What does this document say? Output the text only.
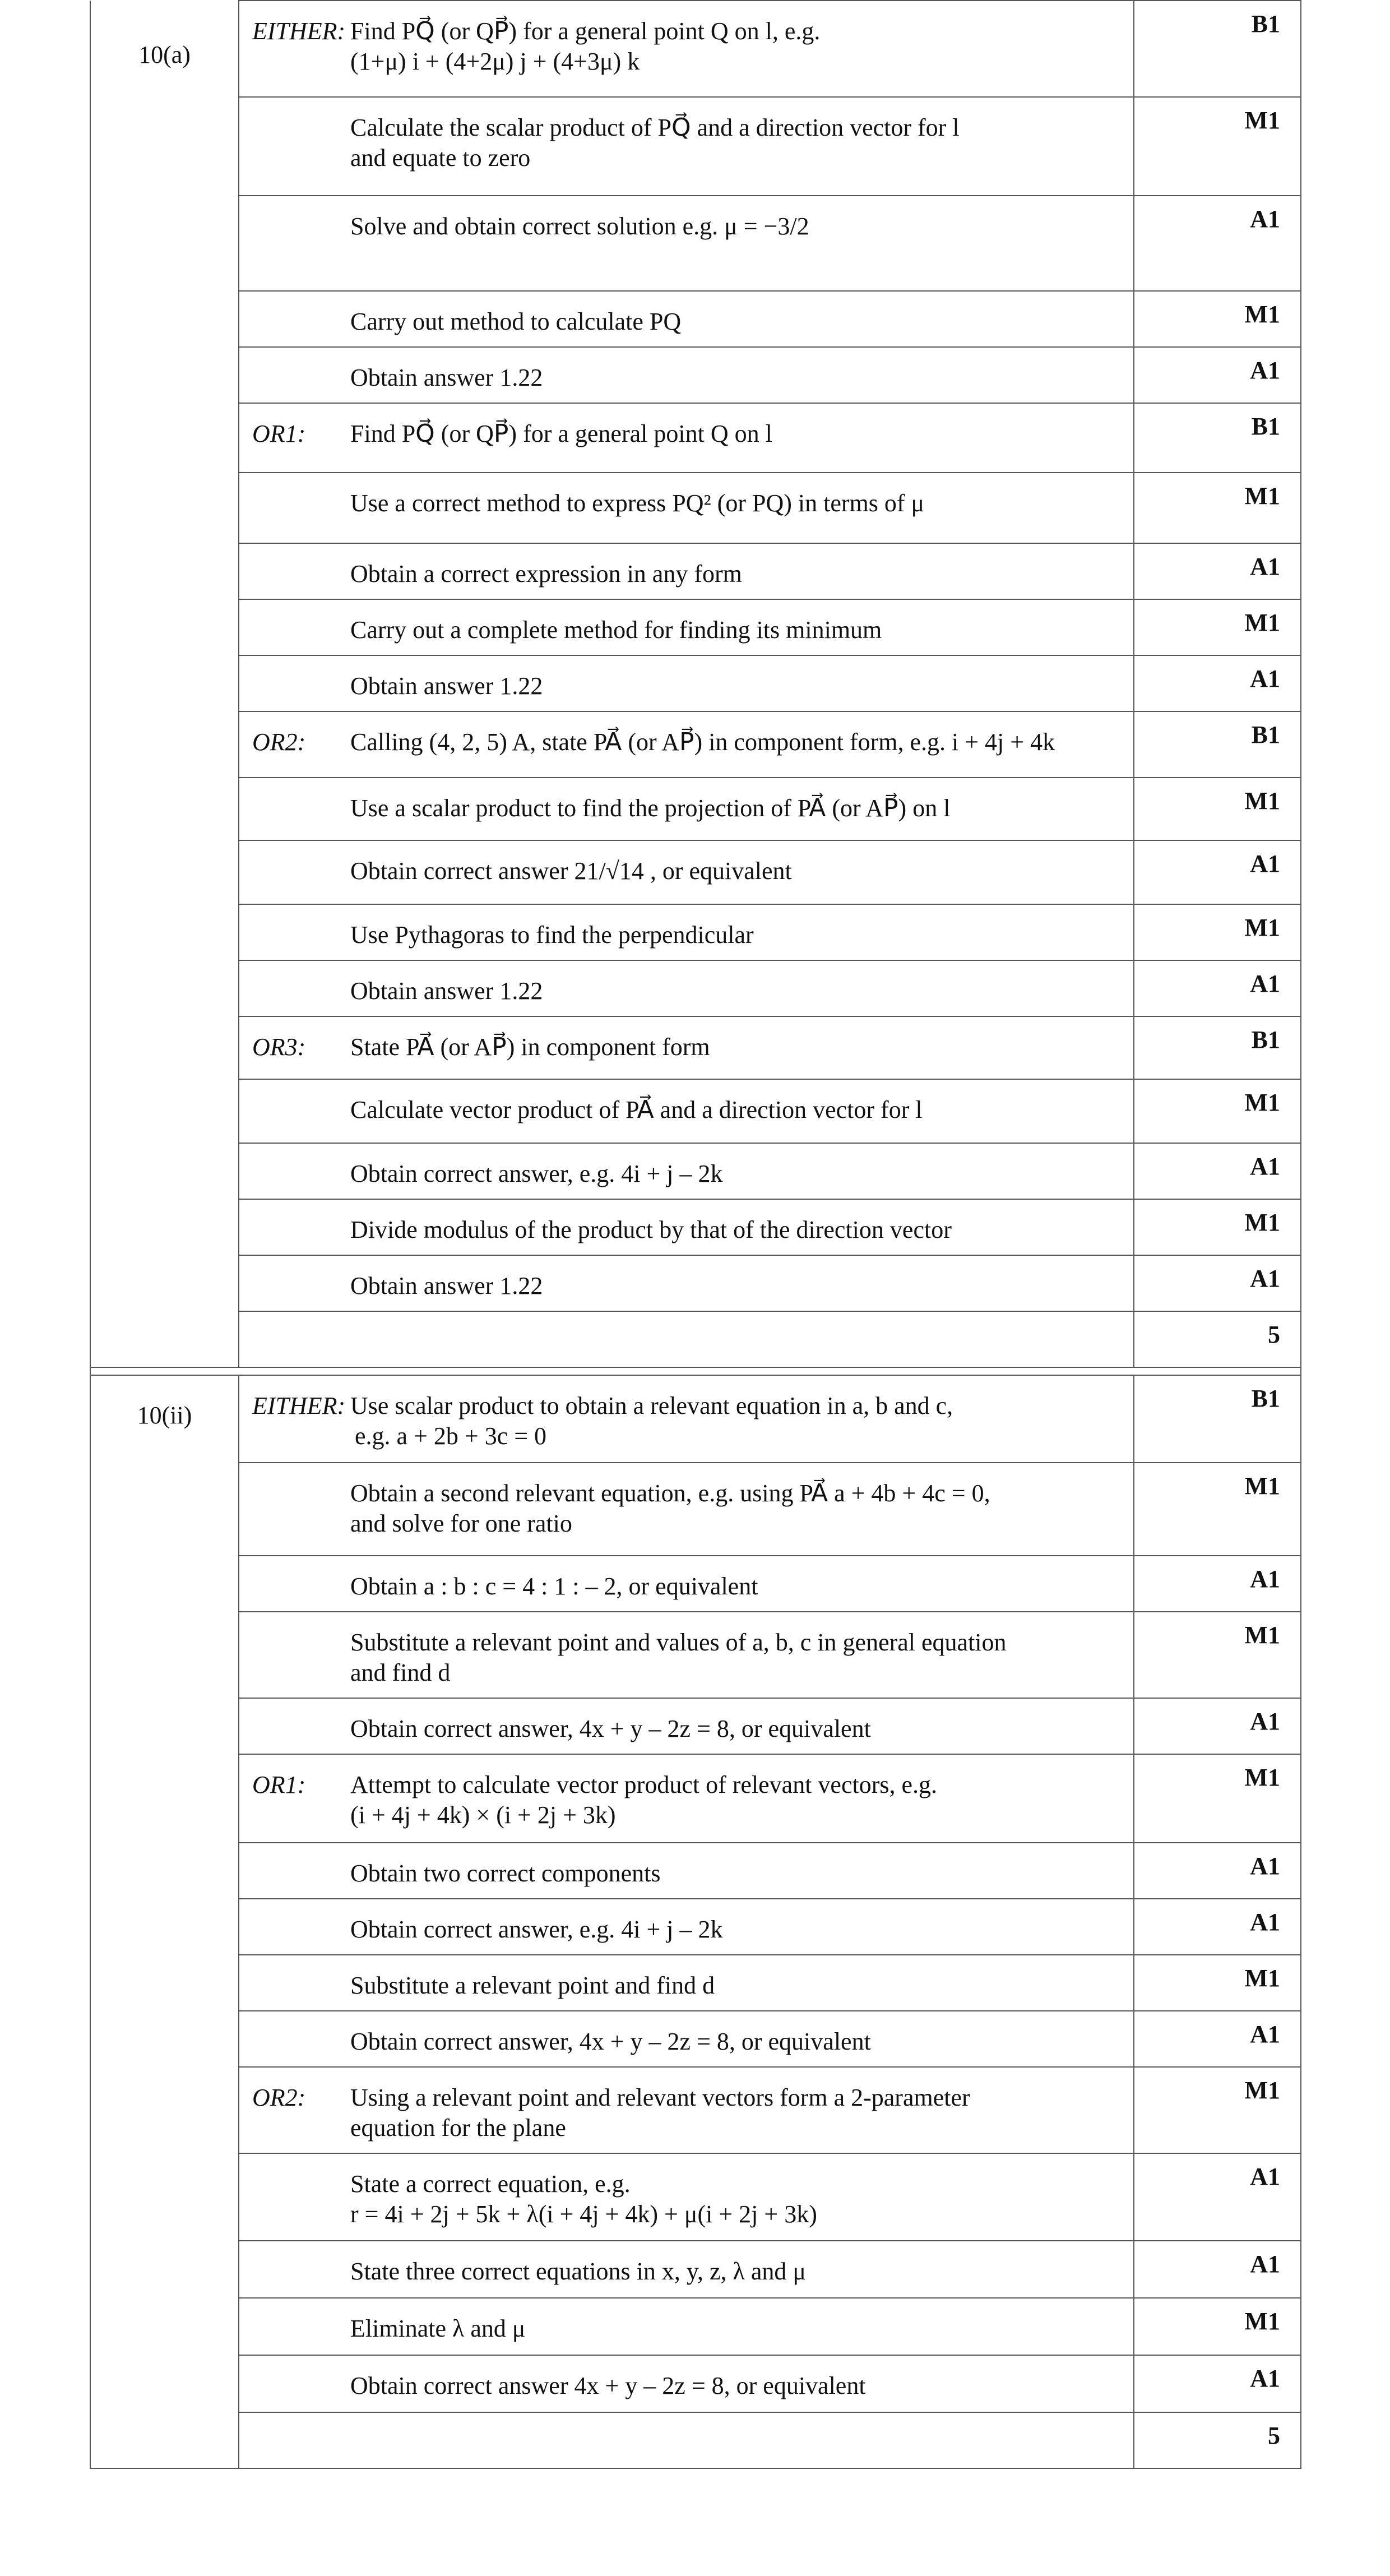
10(a)	EITHER: Find PQ⃗ (or QP⃗) for a general point Q on l, e.g.
(1+μ) i + (4+2μ) j + (4+3μ) k	B1

	Calculate the scalar product of PQ⃗ and a direction vector for l
and equate to zero	M1

	Solve and obtain correct solution e.g. μ = −3/2	A1

	Carry out method to calculate PQ	M1

	Obtain answer 1.22	A1

	OR1: Find PQ⃗ (or QP⃗) for a general point Q on l	B1

	Use a correct method to express PQ² (or PQ) in terms of μ	M1

	Obtain a correct expression in any form	A1

	Carry out a complete method for finding its minimum	M1

	Obtain answer 1.22	A1

	OR2: Calling (4, 2, 5) A, state PA⃗ (or AP⃗) in component form, e.g. i + 4j + 4k	B1

	Use a scalar product to find the projection of PA⃗ (or AP⃗) on l	M1

	Obtain correct answer 21/√14 , or equivalent	A1

	Use Pythagoras to find the perpendicular	M1

	Obtain answer 1.22	A1

	OR3: State PA⃗ (or AP⃗) in component form	B1

	Calculate vector product of PA⃗ and a direction vector for l	M1

	Obtain correct answer, e.g. 4i + j – 2k	A1

	Divide modulus of the product by that of the direction vector	M1

	Obtain answer 1.22	A1
		5

10(ii)	EITHER: Use scalar product to obtain a relevant equation in a, b and c,
e.g. a + 2b + 3c = 0	B1

	Obtain a second relevant equation, e.g. using PA⃗ a + 4b + 4c = 0,
and solve for one ratio	M1

	Obtain a : b : c = 4 : 1 : – 2, or equivalent	A1

	Substitute a relevant point and values of a, b, c in general equation
and find d	M1

	Obtain correct answer, 4x + y – 2z = 8, or equivalent	A1

	OR1: Attempt to calculate vector product of relevant vectors, e.g.
(i + 4j + 4k) × (i + 2j + 3k)	M1

	Obtain two correct components	A1

	Obtain correct answer, e.g. 4i + j – 2k	A1

	Substitute a relevant point and find d	M1

	Obtain correct answer, 4x + y – 2z = 8, or equivalent	A1

	OR2: Using a relevant point and relevant vectors form a 2-parameter
equation for the plane	M1

	State a correct equation, e.g.
r = 4i + 2j + 5k + λ(i + 4j + 4k) + μ(i + 2j + 3k)	A1

	State three correct equations in x, y, z, λ and μ	A1

	Eliminate λ and μ	M1

	Obtain correct answer 4x + y – 2z = 8, or equivalent	A1
		5
